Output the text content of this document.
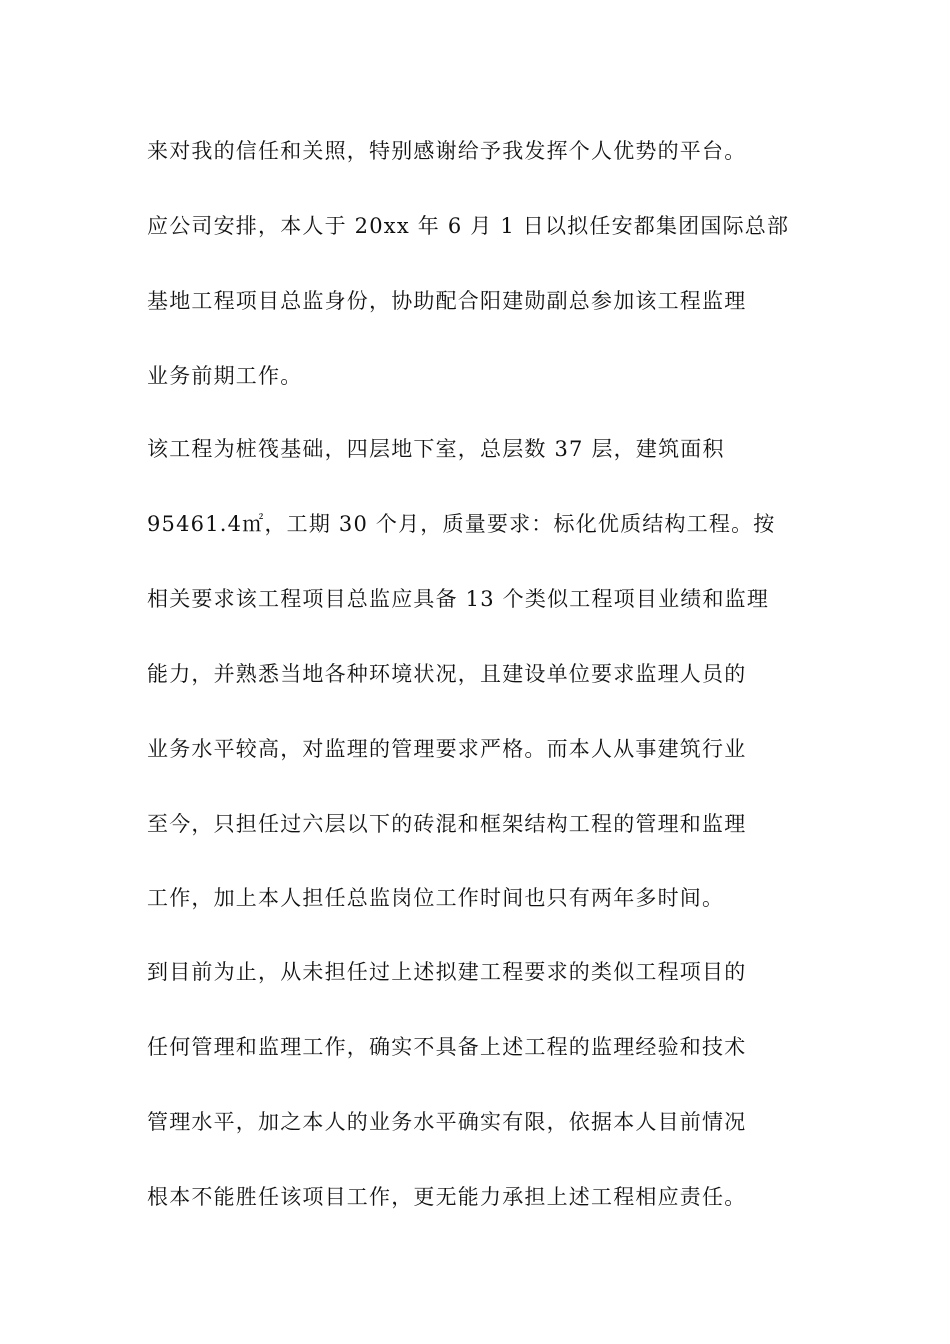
来对我的信任和关照，特别感谢给予我发挥个人优势的平台。
应公司安排，本人于 20xx 年 6 月 1 日以拟任安都集团国际总部
基地工程项目总监身份，协助配合阳建勋副总参加该工程监理
业务前期工作。
该工程为桩筏基础，四层地下室，总层数 37 层，建筑面积
95461.4㎡，工期 30 个月，质量要求：标化优质结构工程。按
相关要求该工程项目总监应具备 13 个类似工程项目业绩和监理
能力，并熟悉当地各种环境状况，且建设单位要求监理人员的
业务水平较高，对监理的管理要求严格。而本人从事建筑行业
至今，只担任过六层以下的砖混和框架结构工程的管理和监理
工作，加上本人担任总监岗位工作时间也只有两年多时间。
到目前为止，从未担任过上述拟建工程要求的类似工程项目的
任何管理和监理工作，确实不具备上述工程的监理经验和技术
管理水平，加之本人的业务水平确实有限，依据本人目前情况
根本不能胜任该项目工作，更无能力承担上述工程相应责任。
